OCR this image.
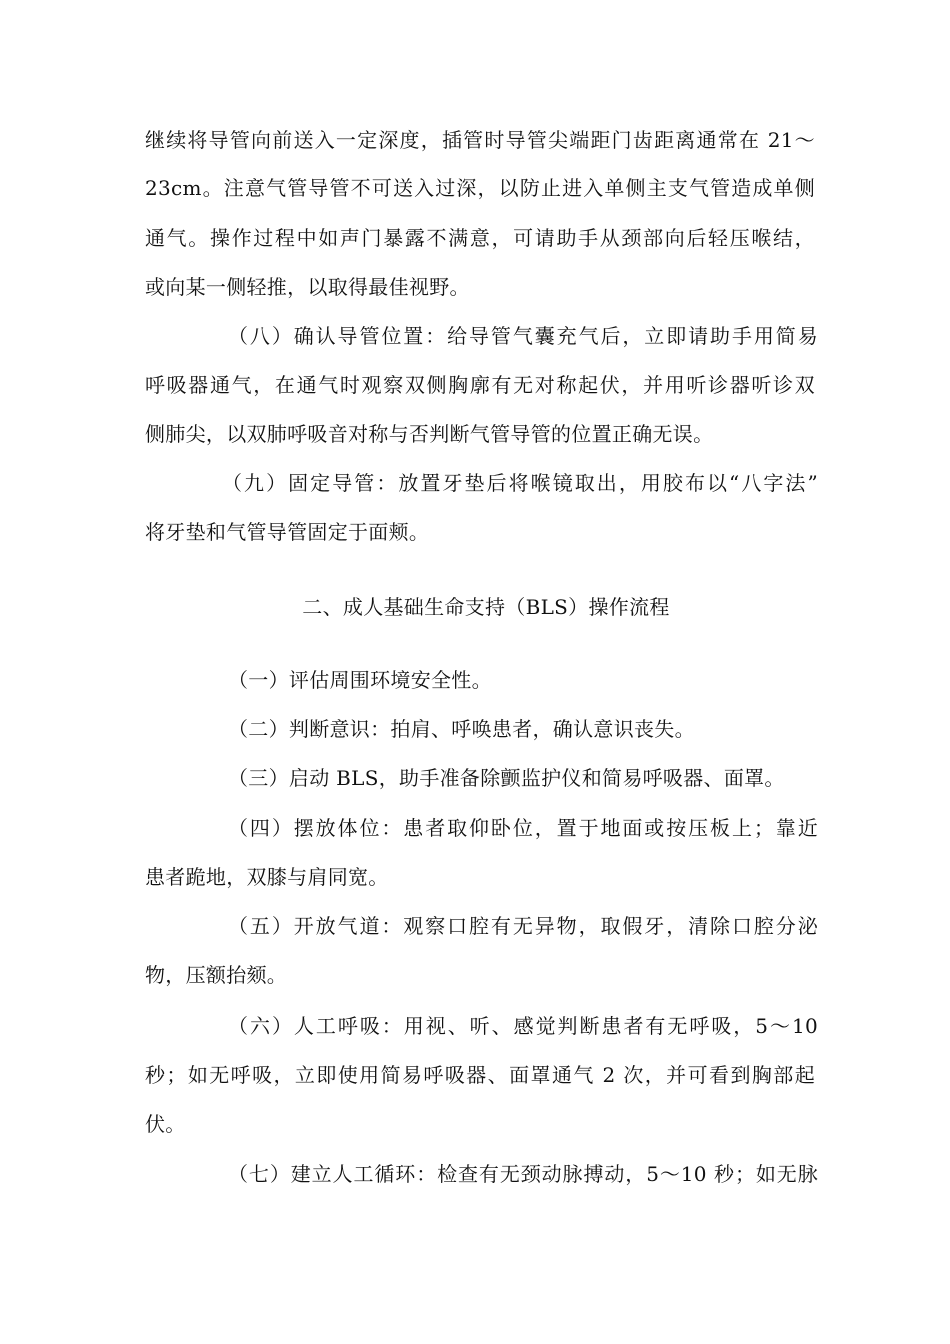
继续将导管向前送入一定深度，插管时导管尖端距门齿距离通常在 21～

23cm。注意气管导管不可送入过深，以防止进入单侧主支气管造成单侧

通气。操作过程中如声门暴露不满意，可请助手从颈部向后轻压喉结，

或向某一侧轻推，以取得最佳视野。

（八）确认导管位置：给导管气囊充气后，立即请助手用简易

呼吸器通气，在通气时观察双侧胸廓有无对称起伏，并用听诊器听诊双

侧肺尖，以双肺呼吸音对称与否判断气管导管的位置正确无误。

（九）固定导管：放置牙垫后将喉镜取出，用胶布以“八字法”

将牙垫和气管导管固定于面颊。

二、成人基础生命支持（BLS）操作流程

（一）评估周围环境安全性。

（二）判断意识：拍肩、呼唤患者，确认意识丧失。

（三）启动 BLS，助手准备除颤监护仪和简易呼吸器、面罩。

（四）摆放体位：患者取仰卧位，置于地面或按压板上；靠近

患者跪地，双膝与肩同宽。

（五）开放气道：观察口腔有无异物，取假牙，清除口腔分泌

物，压额抬颏。

（六）人工呼吸：用视、听、感觉判断患者有无呼吸，5～10

秒；如无呼吸，立即使用简易呼吸器、面罩通气 2 次，并可看到胸部起

伏。

（七）建立人工循环：检查有无颈动脉搏动，5～10 秒；如无脉
